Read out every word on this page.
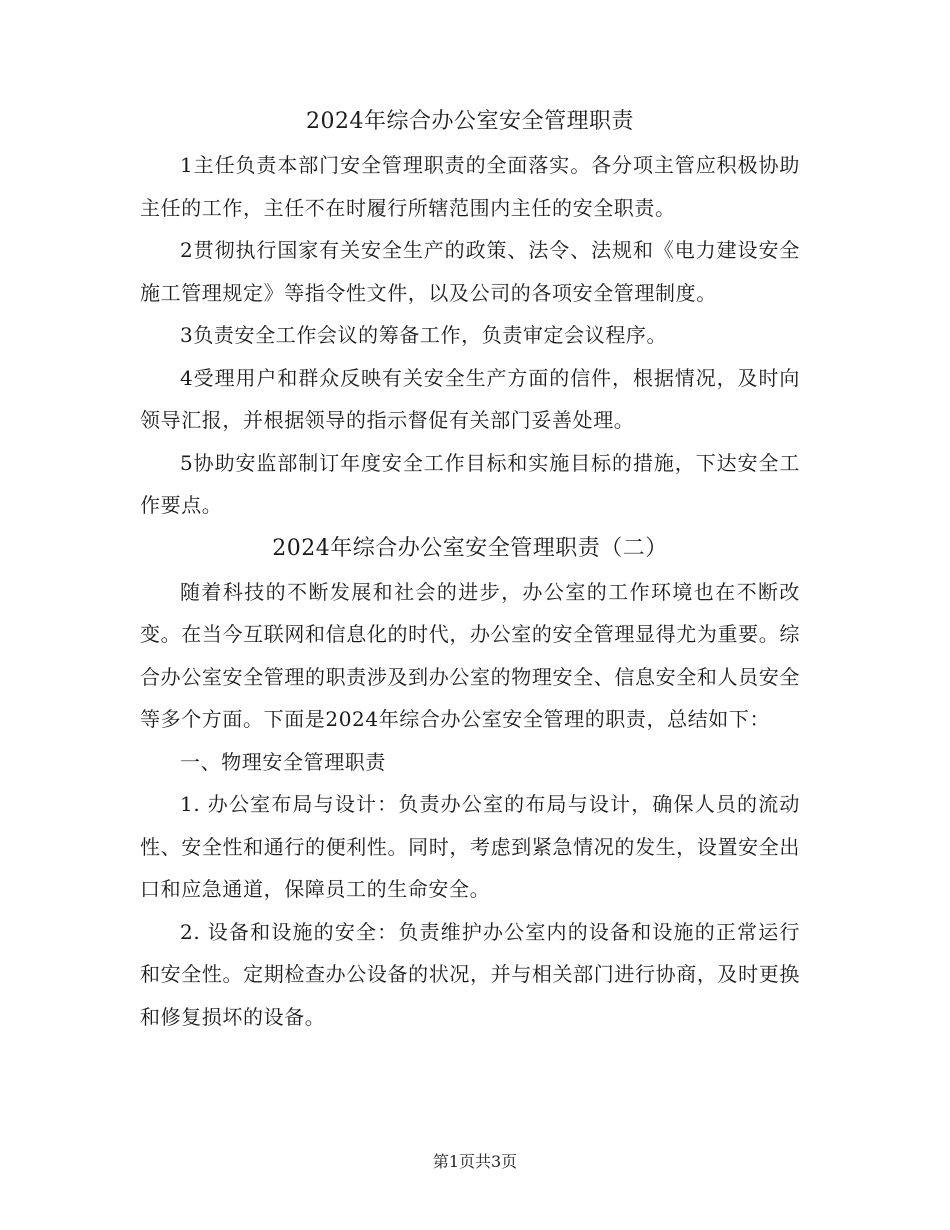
2024年综合办公室安全管理职责

1主任负责本部门安全管理职责的全面落实。各分项主管应积极协助主任的工作，主任不在时履行所辖范围内主任的安全职责。

2贯彻执行国家有关安全生产的政策、法令、法规和《电力建设安全施工管理规定》等指令性文件，以及公司的各项安全管理制度。

3负责安全工作会议的筹备工作，负责审定会议程序。

4受理用户和群众反映有关安全生产方面的信件，根据情况，及时向领导汇报，并根据领导的指示督促有关部门妥善处理。

5协助安监部制订年度安全工作目标和实施目标的措施，下达安全工作要点。

2024年综合办公室安全管理职责（二）

随着科技的不断发展和社会的进步，办公室的工作环境也在不断改变。在当今互联网和信息化的时代，办公室的安全管理显得尤为重要。综合办公室安全管理的职责涉及到办公室的物理安全、信息安全和人员安全等多个方面。下面是2024年综合办公室安全管理的职责，总结如下：

一、物理安全管理职责

1. 办公室布局与设计：负责办公室的布局与设计，确保人员的流动性、安全性和通行的便利性。同时，考虑到紧急情况的发生，设置安全出口和应急通道，保障员工的生命安全。

2. 设备和设施的安全：负责维护办公室内的设备和设施的正常运行和安全性。定期检查办公设备的状况，并与相关部门进行协商，及时更换和修复损坏的设备。

第1页共3页
